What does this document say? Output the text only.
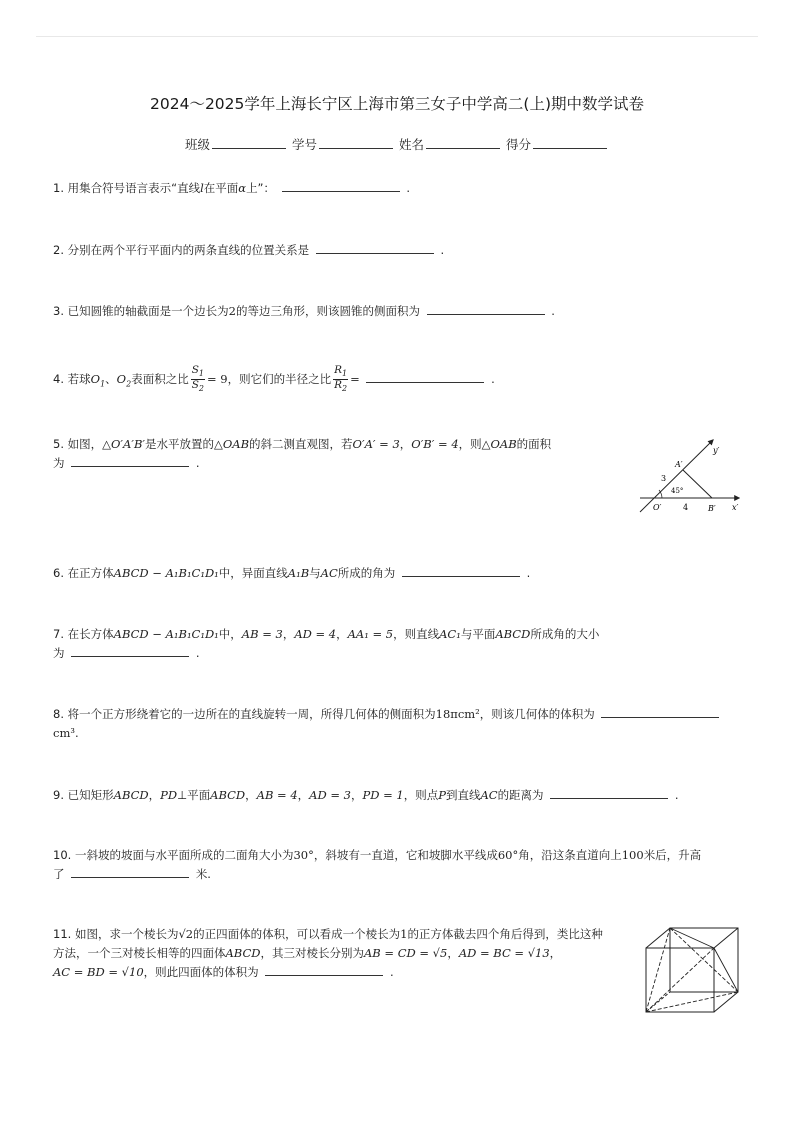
2024～2025学年上海长宁区上海市第三女子中学高二(上)期中数学试卷
班级	学号	姓名	得分
1. 用集合符号语言表示“直线l在平面α上”：	.
2. 分别在两个平行平面内的两条直线的位置关系是	.
3. 已知圆锥的轴截面是一个边长为2的等边三角形，则该圆锥的侧面积为	.
4. 若球$O_1$、$O_2$表面积之比 $\frac{S_1}{S_2} = 9$，则它们的半径之比 $\frac{R_1}{R_2}$ =	.
5. 如图，△O′A′B′是水平放置的△OAB的斜二测直观图，若O′A′ = 3，O′B′ = 4，则△OAB的面积
为	.
y′
A′
3
45°
O′	4 B′ x′
6. 在正方体ABCD − A₁B₁C₁D₁中，异面直线A₁B与AC所成的角为	.
7. 在长方体ABCD − A₁B₁C₁D₁中，AB = 3，AD = 4，AA₁ = 5，则直线AC₁与平面ABCD所成角的大小
为	.
8. 将一个正方形绕着它的一边所在的直线旋转一周，所得几何体的侧面积为18πcm²，则该几何体的体积为
cm³.
9. 已知矩形ABCD，PD⊥平面ABCD，AB = 4，AD = 3，PD = 1，则点P到直线AC的距离为	.
10. 一斜坡的坡面与水平面所成的二面角大小为30°，斜坡有一直道，它和坡脚水平线成60°角，沿这条直道向上100米后，升高
了	米.
11. 如图，求一个棱长为√2的正四面体的体积，可以看成一个棱长为1的正方体截去四个角后得到，类比这种
方法，一个三对棱长相等的四面体ABCD，其三对棱长分别为AB = CD = √5，AD = BC = √13，
AC = BD = √10，则此四面体的体积为	.
